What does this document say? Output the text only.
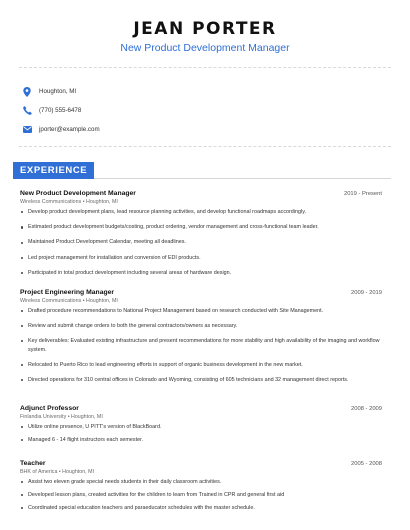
JEAN PORTER
New Product Development Manager
Houghton, MI
(770) 555-6478
jporter@example.com
EXPERIENCE
New Product Development Manager	2019 - Present
Wireless Communications • Houghton, MI
Develop product development plans, lead resource planning activities, and develop functional roadmaps accordingly.
Estimated product development budgets/costing, product ordering, vendor management and cross-functional team leader.
Maintained Product Development Calendar, meeting all deadlines.
Led project management for installation and conversion of EDI products.
Participated in total product development including several areas of hardware design.
Project Engineering Manager	2009 - 2019
Wireless Communications • Houghton, MI
Drafted procedure recommendations to National Project Management based on research conducted with Site Management.
Review and submit change orders to both the general contractors/owners as necessary.
Key deliverables: Evaluated existing infrastructure and present recommendations for more stability and high availability of the imaging and workflow system.
Relocated to Puerto Rico to lead engineering efforts in support of organic business development in the new market.
Directed operations for 310 central offices in Colorado and Wyoming, consisting of 605 technicians and 32 management direct reports.
Adjunct Professor	2008 - 2009
Finlandia University • Houghton, MI
Utilize online presence, U PITT's version of BlackBoard.
Managed 6 - 14 flight instructors each semester.
Teacher	2005 - 2008
BHK of America • Houghton, MI
Assist two eleven grade special needs students in their daily classroom activities.
Developed lesson plans, created activities for the children to learn from Trained in CPR and general first aid
Coordinated special education teachers and paraeducator schedules with the master schedule.
